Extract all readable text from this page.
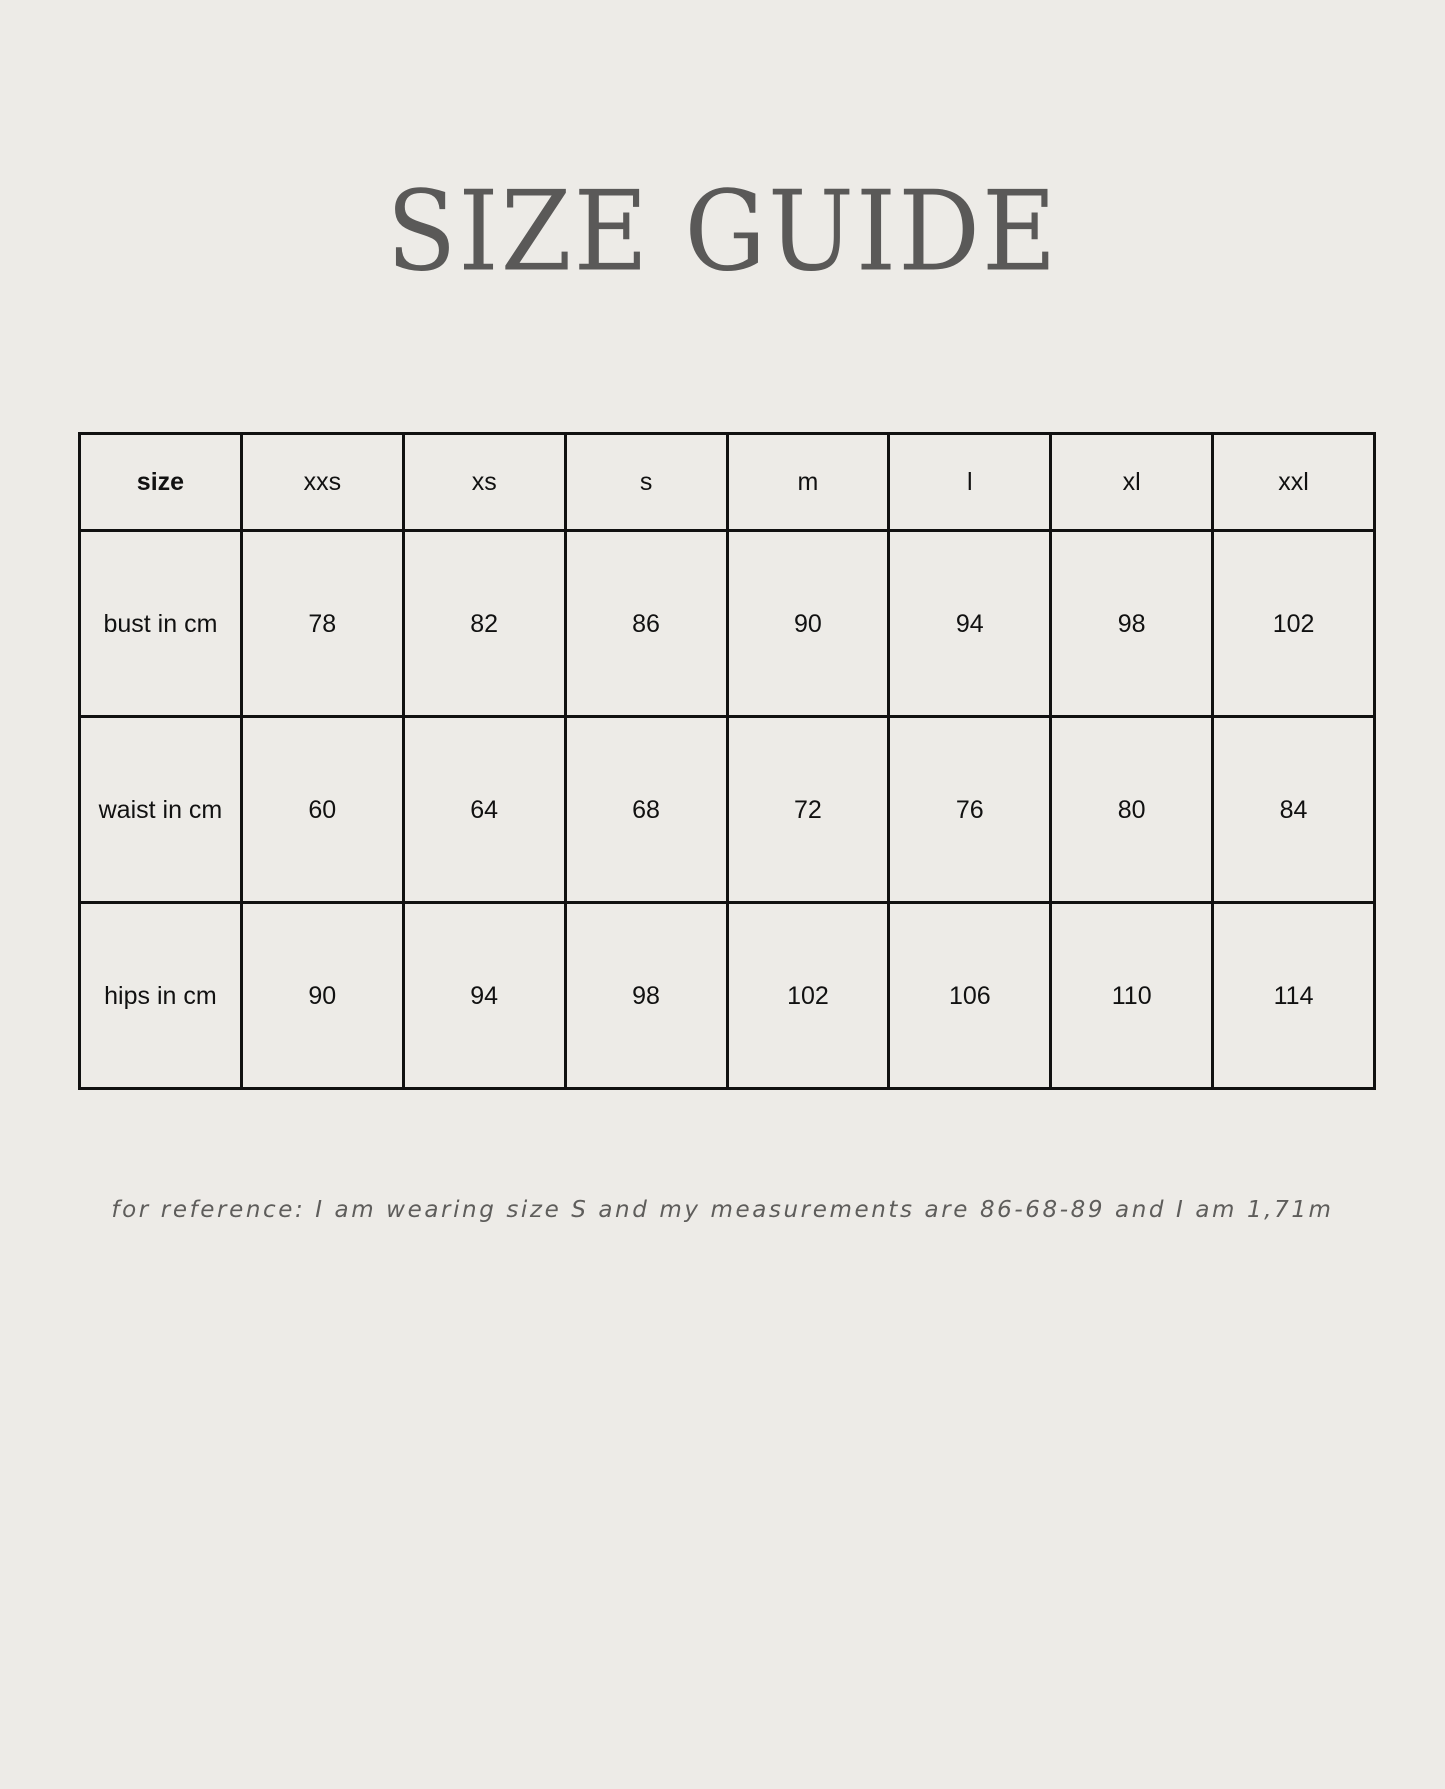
SIZE GUIDE
size	xxs	xs	s	m	l	xl	xxl
bust in cm	78	82	86	90	94	98	102
waist in cm	60	64	68	72	76	80	84
hips in cm	90	94	98	102	106	110	114

for reference: I am wearing size S and my measurements are 86-68-89 and I am 1,71m
